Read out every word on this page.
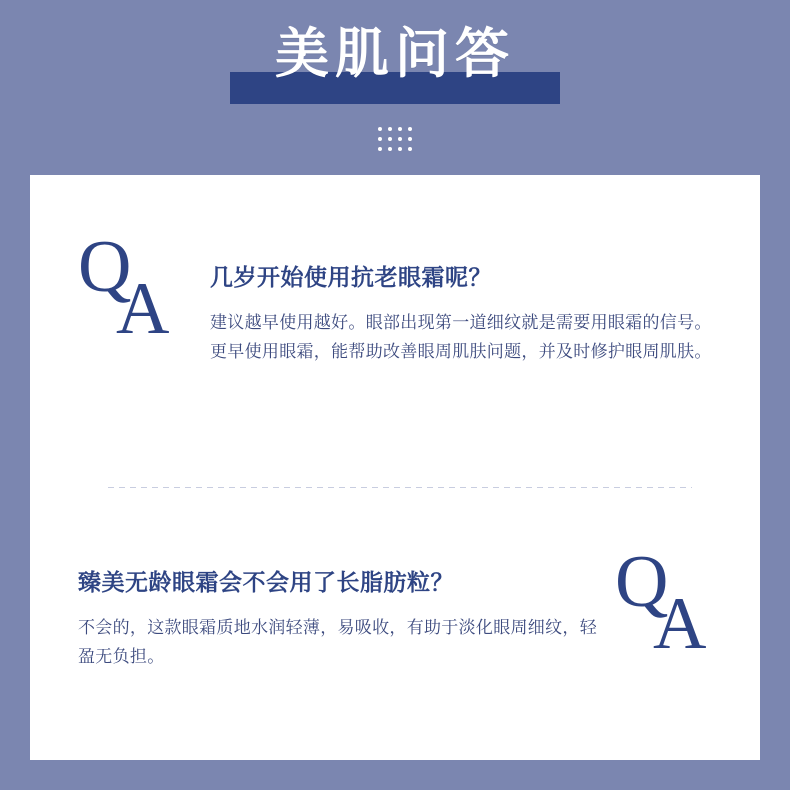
美肌问答
Q
A 几岁开始使用抗老眼霜呢？
建议越早使用越好。眼部出现第一道细纹就是需要用眼霜的信号。更早使用眼霜，能帮助改善眼周肌肤问题，并及时修护眼周肌肤。
臻美无龄眼霜会不会用了长脂肪粒？
不会的，这款眼霜质地水润轻薄，易吸收，有助于淡化眼周细纹，轻盈无负担。
Q
A
